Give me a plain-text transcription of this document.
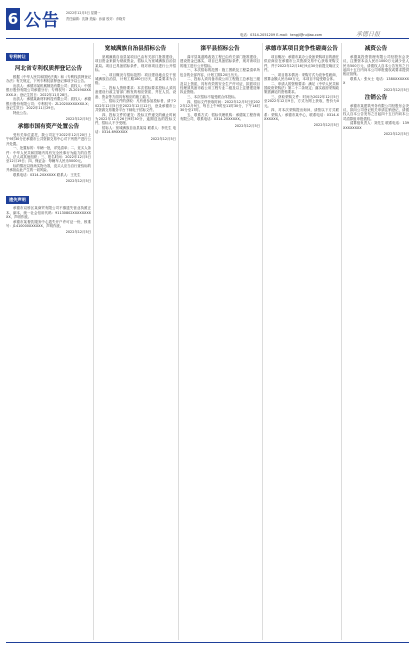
6 公告 2022年12月5日 星期一
责任编辑：沈静 美编：孙丽 校对：乔晓芳
电话：0314-2051209 E-mail：tengji@ruijiao.com	承德日报
专利转让
河北省专利权质押登记公告

根据《中华人民共和国民法典》和《专利权质押登记办法》有关规定，下列专利权质押登记事项予以公告。

出质人：承德市某机械制造有限公司；质权人：中国银行股份有限公司承德分行；专利权号：ZL2019XXXXXXX.X；登记生效日：2022年11月28日。

出质人：承德某新材料科技有限公司；质权人：承德银行股份有限公司；专利权号：ZL2020XXXXXXX.X；登记生效日：2022年11月29日。

特此公告。

2022年12月5日
承德市国有资产处置公告

受有关单位委托，我公司定于2022年12月20日上午9时30分在承德市公共资源交易中心对下列资产进行公开处置。

一、处置标的：车辆一批，详见清单；二、竞买人条件：中华人民共和国境内具有完全民事行为能力的自然人、法人或其他组织；三、报名时间：2022年12月5日至12月19日；四、保证金：每辆车人民币5000元。

标的情况以现场实物为准，竞买人应当自行查验标的并承担由此产生的一切风险。

联系电话：0314-20XXXXX 联系人：王先生

2022年12月5日
遗失声明

承德市双桥区某商贸有限公司不慎遗失营业执照正本、副本，统一社会信用代码：91130802XXXXXXXXXX，声明作废。

承德市某餐饮服务中心遗失开户许可证一份，核准号：J1410000XXXXXX，声明作废。

2022年12月5日
宽城满族自治县招标公告

宽城满族自治县某项目已由有关部门批准建设，项目资金来源为财政资金，招标人为宽城满族自治县某局。项目已具备招标条件，现对该项目进行公开招标。

一、项目概况与招标范围：项目建设地点位于宽城满族自治县，计划工期180日历天，质量要求为合格。

二、投标人资格要求：本次招标要求投标人须具备建设行政主管部门核发的相应资质，并在人员、设备、资金等方面具有相应的施工能力。

三、招标文件的获取：凡有意参加投标者，请于2022年12月5日至2022年12月12日，登录承德市公共资源交易服务平台下载电子招标文件。

四、投标文件的递交：投标文件递交的截止时间为2022年12月26日9时30分，逾期送达的投标文件，招标人不予受理。

招标人：宽城满族自治县某局 联系人：李先生 电话：0314-69XXXXX

2022年12月5日
滦平县招标公告

滦平县某道路改造工程已由有关部门批准建设，建设资金已落实，项目已具备招标条件，现对该项目的施工进行公开招标。

一、本次招标的范围：施工图纸及工程量清单所包含的全部内容，计划工期120日历天。

二、投标人须具备市政公用工程施工总承包三级及以上资质，具有有效的安全生产许可证，拟派项目经理须具备市政公用工程专业二级及以上注册建造师执业资格。

三、本次招标不接受联合体投标。

四、招标文件获取时间：2022年12月5日至2022年12月9日，每日上午9时至11时30分，下午14时30分至17时。

五、联系方式：招标代理机构：承德某工程咨询有限公司，联系电话：0314-20XXXXX。

2022年12月5日
承德市某项目竞争性磋商公告

项目概况：承德市某办公设备采购项目的潜在供应商应在承德市公共资源交易中心获取采购文件，并于2022年12月16日9点30分前提交响应文件。

一、项目基本情况：采购方式为竞争性磋商，预算金额人民币XX万元，本项目不接受联合体。

二、申请人的资格要求：满足《中华人民共和国政府采购法》第二十二条规定；落实政府采购政策需满足的资格要求。

三、获取采购文件：时间为2022年12月5日至2022年12月9日，方式为网上获取，售价为0元。

四、对本次采购提出询问，请按以下方式联系：采购人：承德市某中心，联系电话：0314-XXXXXXX。

2022年12月5日
减资公告

承德某投资管理有限公司经股东会决议，注册资本由人民币1000万元减少至人民币500万元，请债权人自本公告发布之日起四十五日内向本公司申报债权或要求提供相应担保。

联系人：张女士 电话：138XXXXXXXX

2022年12月5日
注销公告

承德市某建筑劳务有限公司经股东会决议，拟向公司登记机关申请注销登记，请债权人自本公告发布之日起四十五日内向本公司清算组申报债权。

清算组负责人：刘先生 联系电话：139XXXXXXXX

2022年12月5日
